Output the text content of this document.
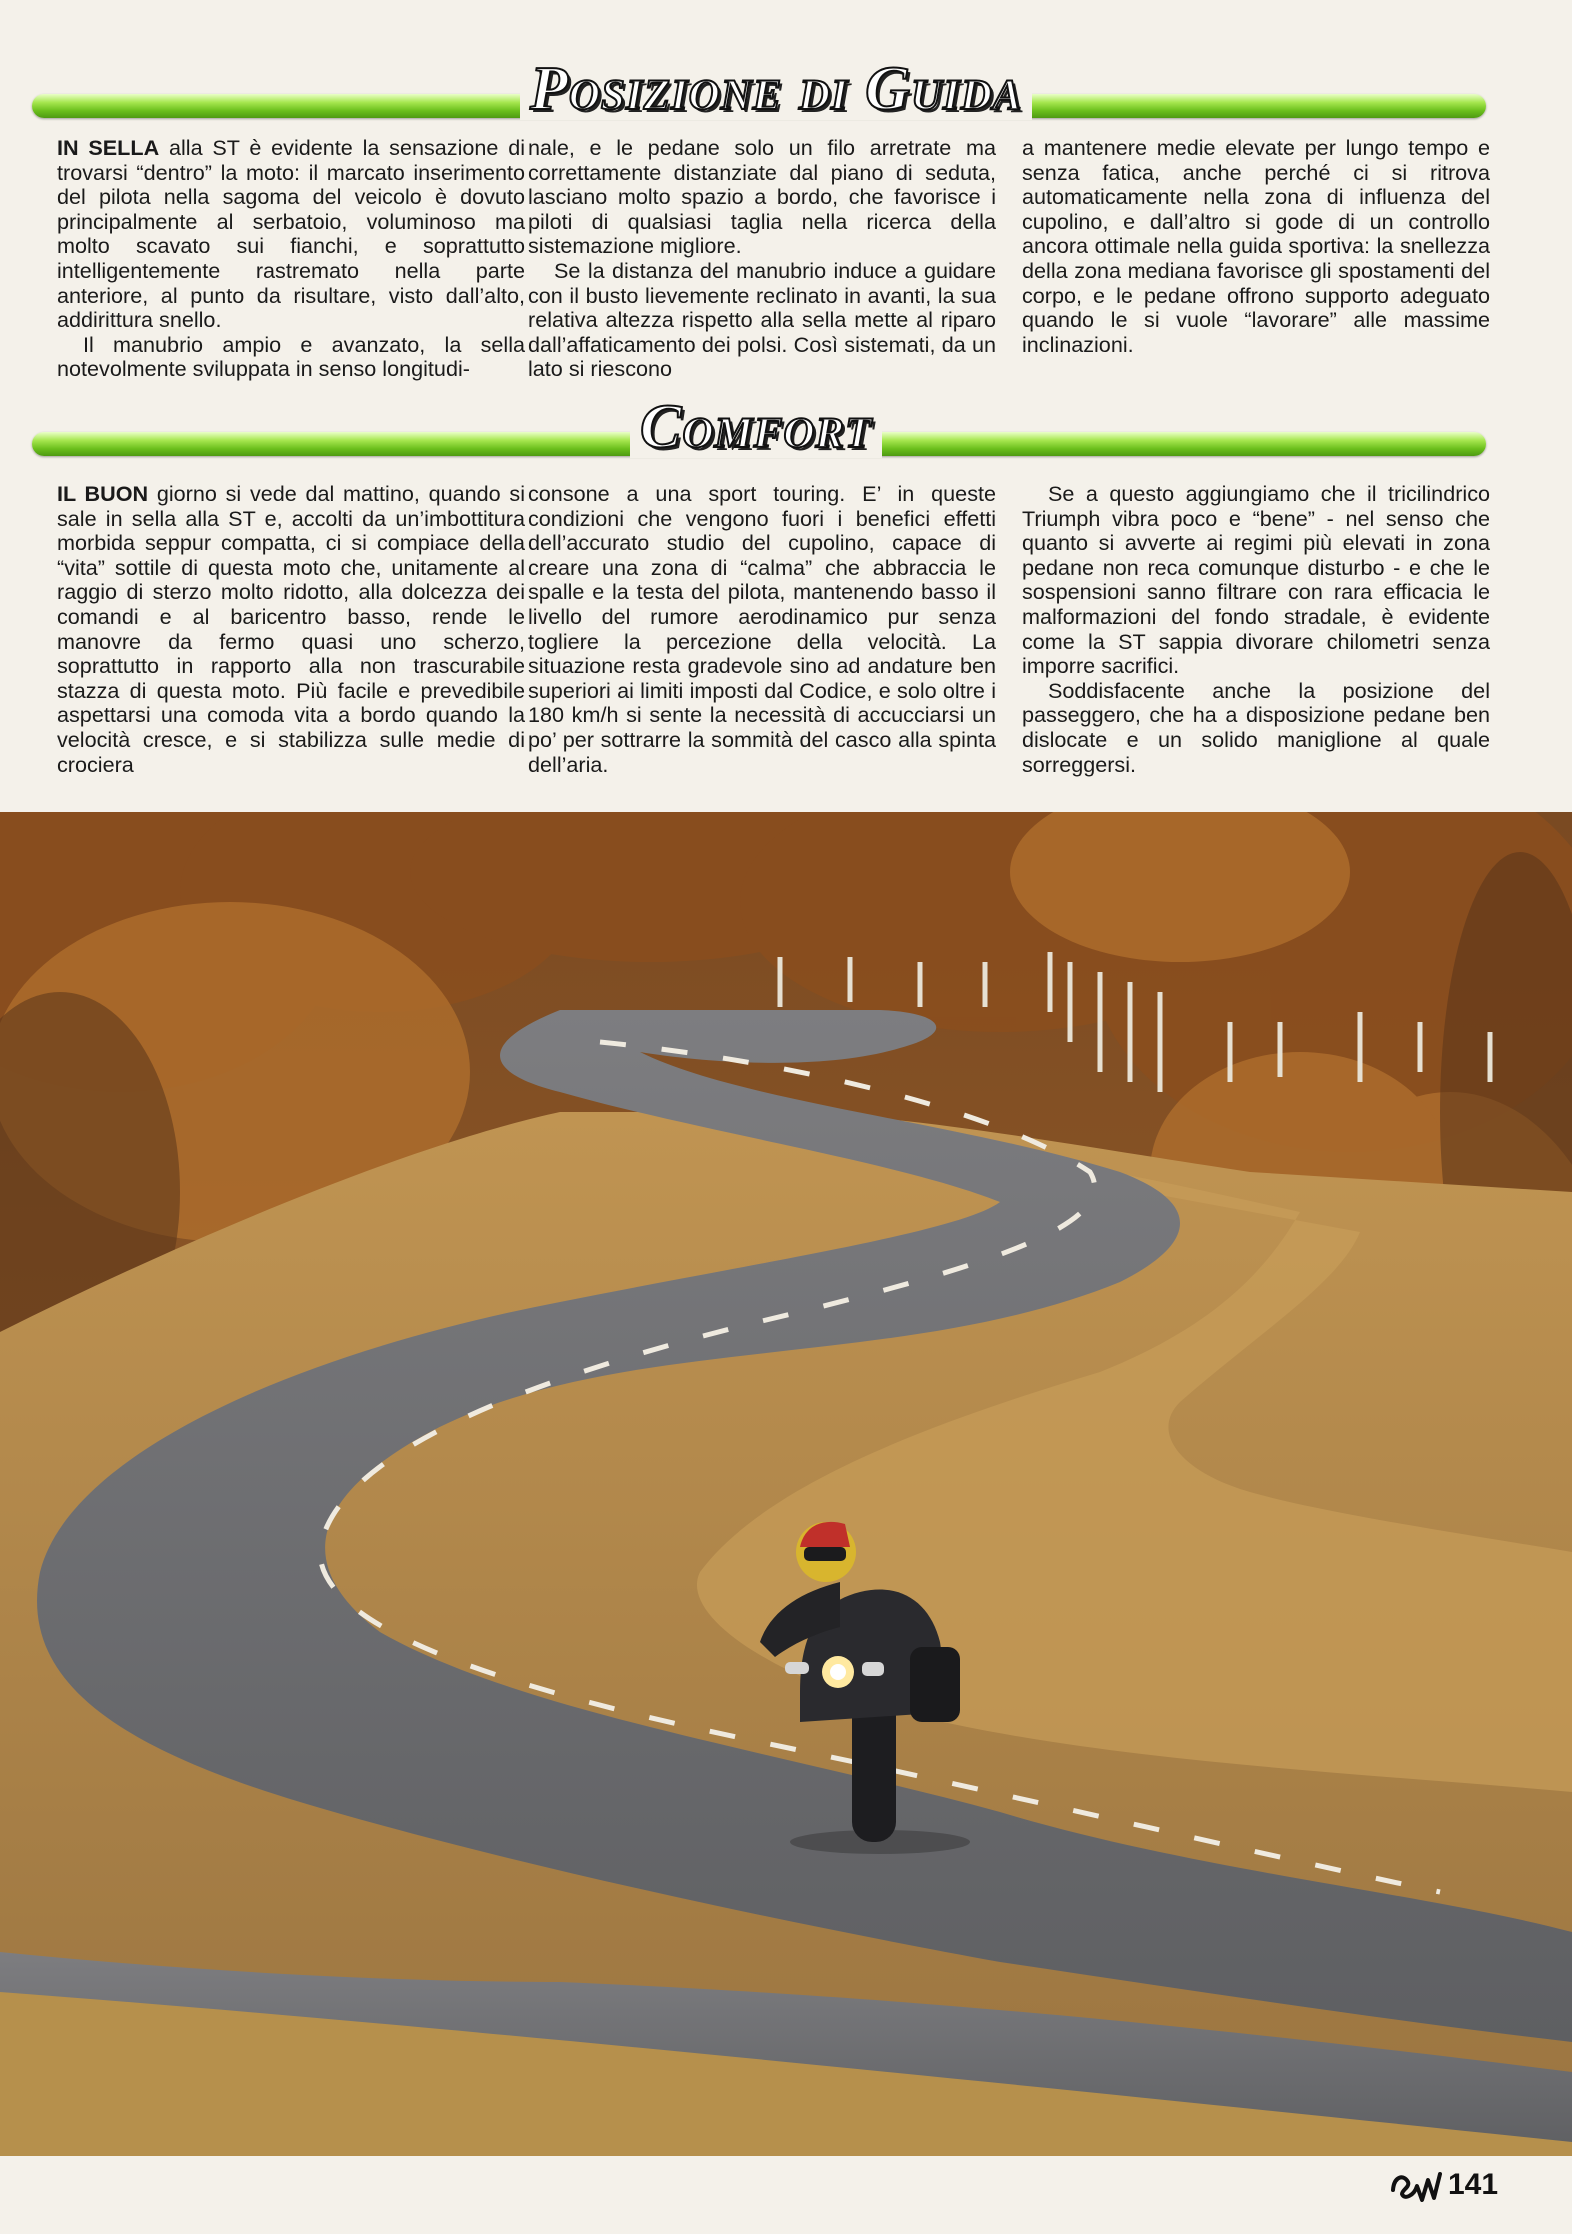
Posizione di Guida

IN SELLA alla ST è evidente la sensazione di trovarsi “dentro” la moto: il marcato inserimento del pilota nella sagoma del veicolo è dovuto principalmente al serbatoio, voluminoso ma molto scavato sui fianchi, e soprattutto intelligentemente rastremato nella parte anteriore, al punto da risultare, visto dall’alto, addirittura snello.

Il manubrio ampio e avanzato, la sella notevolmente sviluppata in senso longitudi-

nale, e le pedane solo un filo arretrate ma correttamente distanziate dal piano di seduta, lasciano molto spazio a bordo, che favorisce i piloti di qualsiasi taglia nella ricerca della sistemazione migliore.

Se la distanza del manubrio induce a guidare con il busto lievemente reclinato in avanti, la sua relativa altezza rispetto alla sella mette al riparo dall’affaticamento dei polsi. Così sistemati, da un lato si riescono

a mantenere medie elevate per lungo tempo e senza fatica, anche perché ci si ritrova automaticamente nella zona di influenza del cupolino, e dall’altro si gode di un controllo ancora ottimale nella guida sportiva: la snellezza della zona mediana favorisce gli spostamenti del corpo, e le pedane offrono supporto adeguato quando le si vuole “lavorare” alle massime inclinazioni.

Comfort

IL BUON giorno si vede dal mattino, quando si sale in sella alla ST e, accolti da un’imbottitura morbida seppur compatta, ci si compiace della “vita” sottile di questa moto che, unitamente al raggio di sterzo molto ridotto, alla dolcezza dei comandi e al baricentro basso, rende le manovre da fermo quasi uno scherzo, soprattutto in rapporto alla non trascurabile stazza di questa moto. Più facile e prevedibile aspettarsi una comoda vita a bordo quando la velocità cresce, e si stabilizza sulle medie di crociera

consone a una sport touring. E’ in queste condizioni che vengono fuori i benefici effetti dell’accurato studio del cupolino, capace di creare una zona di “calma” che abbraccia le spalle e la testa del pilota, mantenendo basso il livello del rumore aerodinamico pur senza togliere la percezione della velocità. La situazione resta gradevole sino ad andature ben superiori ai limiti imposti dal Codice, e solo oltre i 180 km/h si sente la necessità di accucciarsi un po’ per sottrarre la sommità del casco alla spinta dell’aria.

Se a questo aggiungiamo che il tricilindrico Triumph vibra poco e “bene” - nel senso che quanto si avverte ai regimi più elevati in zona pedane non reca comunque disturbo - e che le sospensioni sanno filtrare con rara efficacia le malformazioni del fondo stradale, è evidente come la ST sappia divorare chilometri senza imporre sacrifici.

Soddisfacente anche la posizione del passeggero, che ha a disposizione pedane ben dislocate e un solido maniglione al quale sorreggersi.

141
